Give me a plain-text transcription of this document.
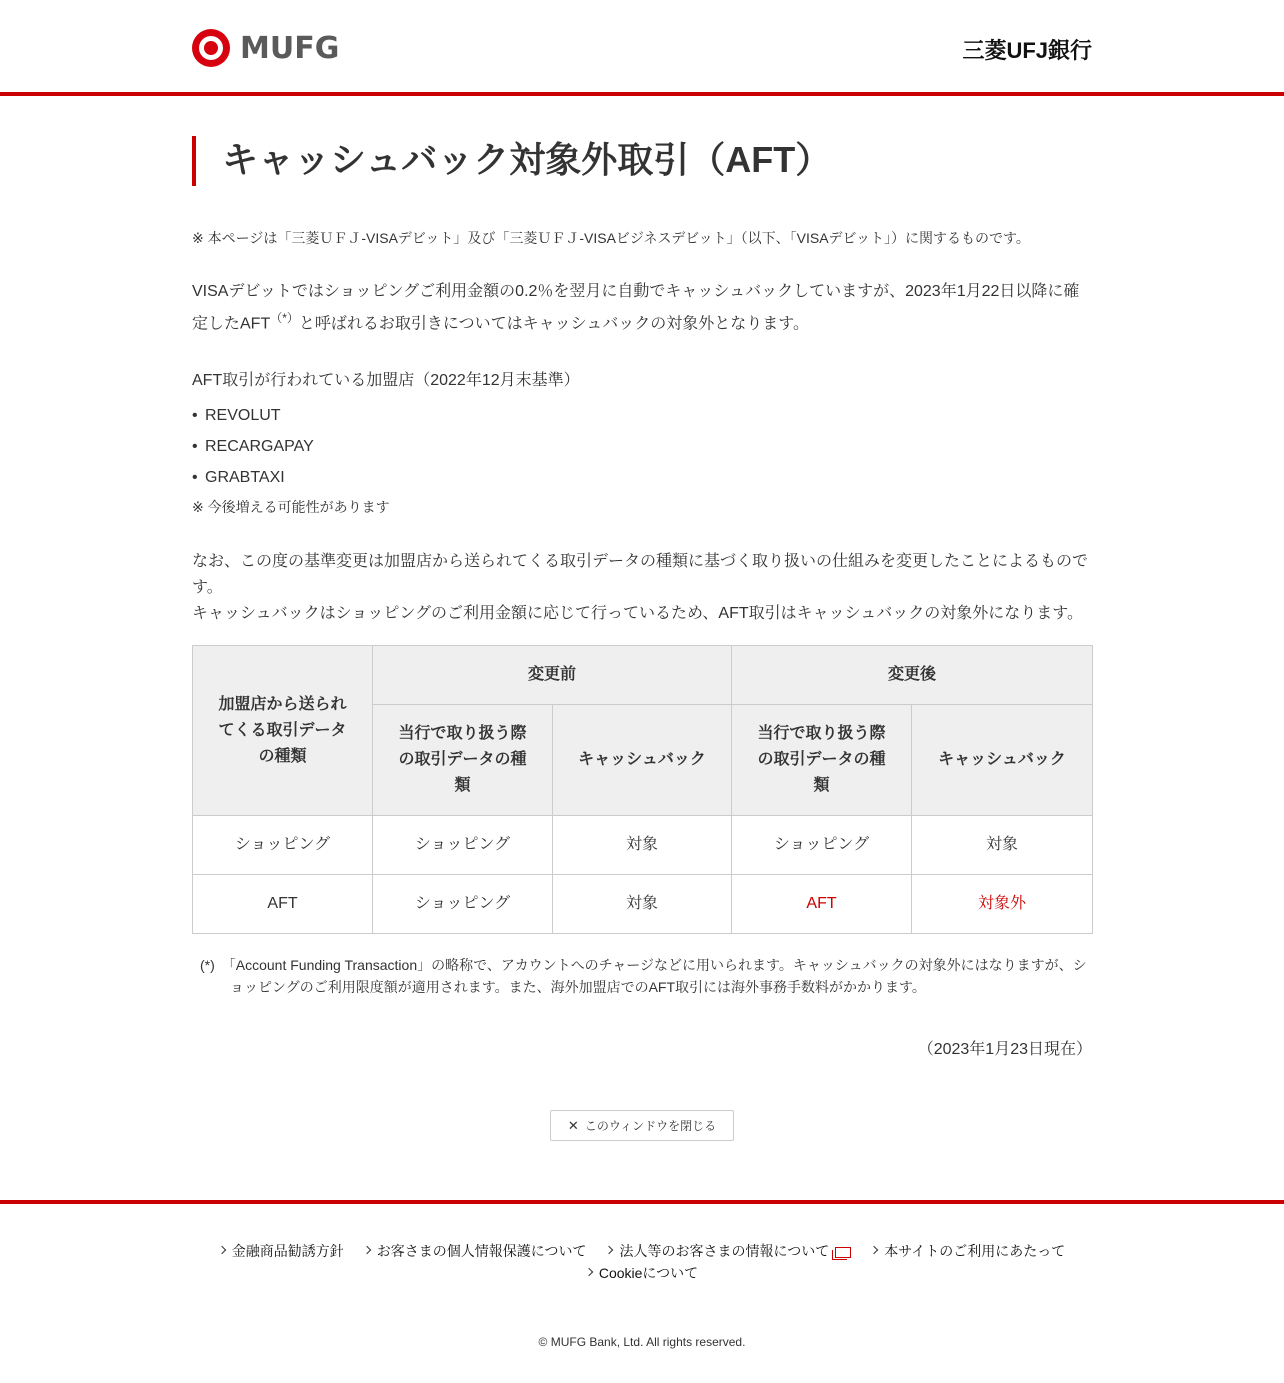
MUFG	三菱UFJ銀行
キャッシュバック対象外取引（AFT）
※ 本ページは「三菱ＵＦＪ-VISAデビット」及び「三菱ＵＦＪ-VISAビジネスデビット」（以下、「VISAデビット」）に関するものです。
VISAデビットではショッピングご利用金額の0.2％を翌月に自動でキャッシュバックしていますが、2023年1月22日以降に確定したAFT（*）と呼ばれるお取引きについてはキャッシュバックの対象外となります。
AFT取引が行われている加盟店（2022年12月末基準）
• REVOLUT
• RECARGAPAY
• GRABTAXI
※ 今後増える可能性があります
なお、この度の基準変更は加盟店から送られてくる取引データの種類に基づく取り扱いの仕組みを変更したことによるものです。
キャッシュバックはショッピングのご利用金額に応じて行っているため、AFT取引はキャッシュバックの対象外になります。
加盟店から送られてくる取引データの種類	変更前		変更後	

	当行で取り扱う際の取引データの種類	キャッシュバック	当行で取り扱う際の取引データの種類	キャッシュバック
ショッピング	ショッピング	対象	ショッピング	対象
AFT	ショッピング	対象	AFT	対象外
(*)　「Account Funding Transaction」の略称で、アカウントへのチャージなどに用いられます。キャッシュバックの対象外にはなりますが、ショッピングのご利用限度額が適用されます。また、海外加盟店でのAFT取引には海外事務手数料がかかります。
（2023年1月23日現在）
✕ このウィンドウを閉じる
金融商品勧誘方針 お客さまの個人情報保護について 法人等のお客さまの情報について	本サイトのご利用にあたって
Cookieについて
© MUFG Bank, Ltd. All rights reserved.
